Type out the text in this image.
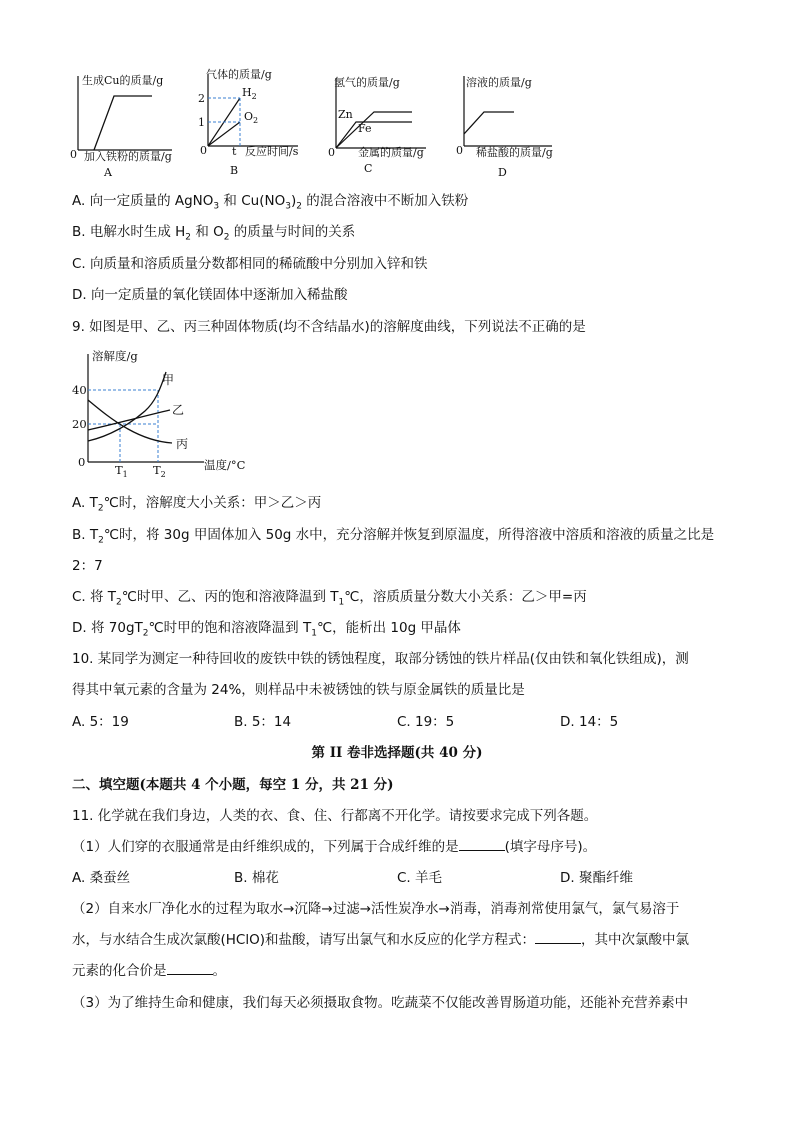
生成Cu的质量/g
0 加入铁粉的质量/g
A
气体的质量/g
2
1
0 t 反应时间/s
$H_2$
$O_2$
B
氢气的质量/g
Zn
Fe
0 金属的质量/g
C
溶液的质量/g
0 稀盐酸的质量/g
D
A. 向一定质量的 AgNO$_3$ 和 $Cu(NO_3)_2$ 的混合溶液中不断加入铁粉
B. 电解水时生成 $H_2$ 和 $O_2$ 的质量与时间的关系
C. 向质量和溶质质量分数都相同的稀硫酸中分别加入锌和铁
D. 向一定质量的氧化镁固体中逐渐加入稀盐酸
9. 如图是甲、乙、丙三种固体物质(均不含结晶水)的溶解度曲线，下列说法不正确的是
溶解度/g
40
20
0
$T_1$ $T_2$
温度/°C
甲
乙
丙
A. $T_2℃$时，溶解度大小关系：甲＞乙＞丙
B. $T_2℃$时，将 30g 甲固体加入 50g 水中，充分溶解并恢复到原温度，所得溶液中溶质和溶液的质量之比是
2：7
C. 将 $T_2℃$时甲、乙、丙的饱和溶液降温到 $T_1℃$，溶质质量分数大小关系：乙＞甲=丙
D. 将 $70gT_2℃$时甲的饱和溶液降温到 $T_1℃$，能析出 10g 甲晶体
10. 某同学为测定一种待回收的废铁中铁的锈蚀程度，取部分锈蚀的铁片样品(仅由铁和氧化铁组成)，测
得其中氧元素的含量为 24%，则样品中未被锈蚀的铁与原金属铁的质量比是
A. 5：19	B. 5：14	C. 19：5	D. 14：5
第 II 卷非选择题(共 40 分)
二、填空题(本题共 4 个小题，每空 1 分，共 21 分)
11. 化学就在我们身边，人类的衣、食、住、行都离不开化学。请按要求完成下列各题。
（1）人们穿的衣服通常是由纤维织成的，下列属于合成纤维的是	(填字母序号)。
A. 桑蚕丝	B. 棉花	C. 羊毛	D. 聚酯纤维
（2）自来水厂净化水的过程为取水→沉降→过滤→活性炭净水→消毒，消毒剂常使用氯气，氯气易溶于
水，与水结合生成次氯酸(HClO)和盐酸，请写出氯气和水反应的化学方程式：	，其中次氯酸中氯
元素的化合价是	。
（3）为了维持生命和健康，我们每天必须摄取食物。吃蔬菜不仅能改善胃肠道功能，还能补充营养素中
